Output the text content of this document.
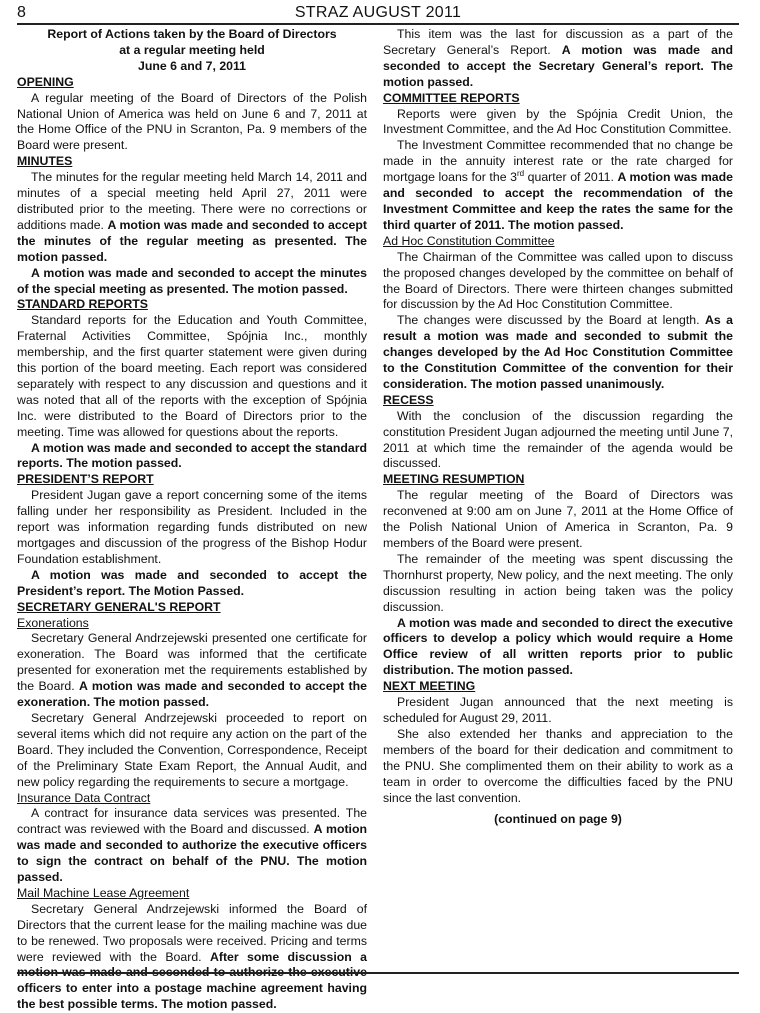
8	STRAZ AUGUST 2011

Report of Actions taken by the Board of Directors

at a regular meeting held

June 6 and 7, 2011

OPENING

A regular meeting of the Board of Directors of the Polish National Union of America was held on June 6 and 7, 2011 at the Home Office of the PNU in Scranton, Pa. 9 members of the Board were present.

MINUTES

The minutes for the regular meeting held March 14, 2011 and minutes of a special meeting held April 27, 2011 were distributed prior to the meeting. There were no corrections or additions made. A motion was made and seconded to accept the minutes of the regular meeting as presented. The motion passed.

A motion was made and seconded to accept the minutes of the special meeting as presented. The motion passed.

STANDARD REPORTS

Standard reports for the Education and Youth Committee, Fraternal Activities Committee, Spójnia Inc., monthly membership, and the first quarter statement were given during this portion of the board meeting. Each report was considered separately with respect to any discussion and questions and it was noted that all of the reports with the exception of Spójnia Inc. were distributed to the Board of Directors prior to the meeting. Time was allowed for questions about the reports.

A motion was made and seconded to accept the standard reports. The motion passed.

PRESIDENT’S REPORT

President Jugan gave a report concerning some of the items falling under her responsibility as President. Included in the report was information regarding funds distributed on new mortgages and discussion of the progress of the Bishop Hodur Foundation establishment.

A motion was made and seconded to accept the President’s report. The Motion Passed.

SECRETARY GENERAL'S REPORT

Exonerations

Secretary General Andrzejewski presented one certificate for exoneration. The Board was informed that the certificate presented for exoneration met the requirements established by the Board. A motion was made and seconded to accept the exoneration. The motion passed.

Secretary General Andrzejewski proceeded to report on several items which did not require any action on the part of the Board. They included the Convention, Correspondence, Receipt of the Preliminary State Exam Report, the Annual Audit, and new policy regarding the requirements to secure a mortgage.

Insurance Data Contract

A contract for insurance data services was presented. The contract was reviewed with the Board and discussed. A motion was made and seconded to authorize the executive officers to sign the contract on behalf of the PNU. The motion passed.

Mail Machine Lease Agreement

Secretary General Andrzejewski informed the Board of Directors that the current lease for the mailing machine was due to be renewed. Two proposals were received. Pricing and terms were reviewed with the Board. After some discussion a motion was made and seconded to authorize the executive officers to enter into a postage machine agreement having the best possible terms. The motion passed.

This item was the last for discussion as a part of the Secretary General’s Report. A motion was made and seconded to accept the Secretary General’s report. The motion passed.

COMMITTEE REPORTS

Reports were given by the Spójnia Credit Union, the Investment Committee, and the Ad Hoc Constitution Committee.

The Investment Committee recommended that no change be made in the annuity interest rate or the rate charged for mortgage loans for the 3rd quarter of 2011. A motion was made and seconded to accept the recommendation of the Investment Committee and keep the rates the same for the third quarter of 2011. The motion passed.

Ad Hoc Constitution Committee

The Chairman of the Committee was called upon to discuss the proposed changes developed by the committee on behalf of the Board of Directors. There were thirteen changes submitted for discussion by the Ad Hoc Constitution Committee.

The changes were discussed by the Board at length. As a result a motion was made and seconded to submit the changes developed by the Ad Hoc Constitution Committee to the Constitution Committee of the convention for their consideration. The motion passed unanimously.

RECESS

With the conclusion of the discussion regarding the constitution President Jugan adjourned the meeting until June 7, 2011 at which time the remainder of the agenda would be discussed.

MEETING RESUMPTION

The regular meeting of the Board of Directors was reconvened at 9:00 am on June 7, 2011 at the Home Office of the Polish National Union of America in Scranton, Pa. 9 members of the Board were present.

The remainder of the meeting was spent discussing the Thornhurst property, New policy, and the next meeting. The only discussion resulting in action being taken was the policy discussion.

A motion was made and seconded to direct the executive officers to develop a policy which would require a Home Office review of all written reports prior to public distribution. The motion passed.

NEXT MEETING

President Jugan announced that the next meeting is scheduled for August 29, 2011.

She also extended her thanks and appreciation to the members of the board for their dedication and commitment to the PNU. She complimented them on their ability to work as a team in order to overcome the difficulties faced by the PNU since the last convention.

(continued on page 9)
